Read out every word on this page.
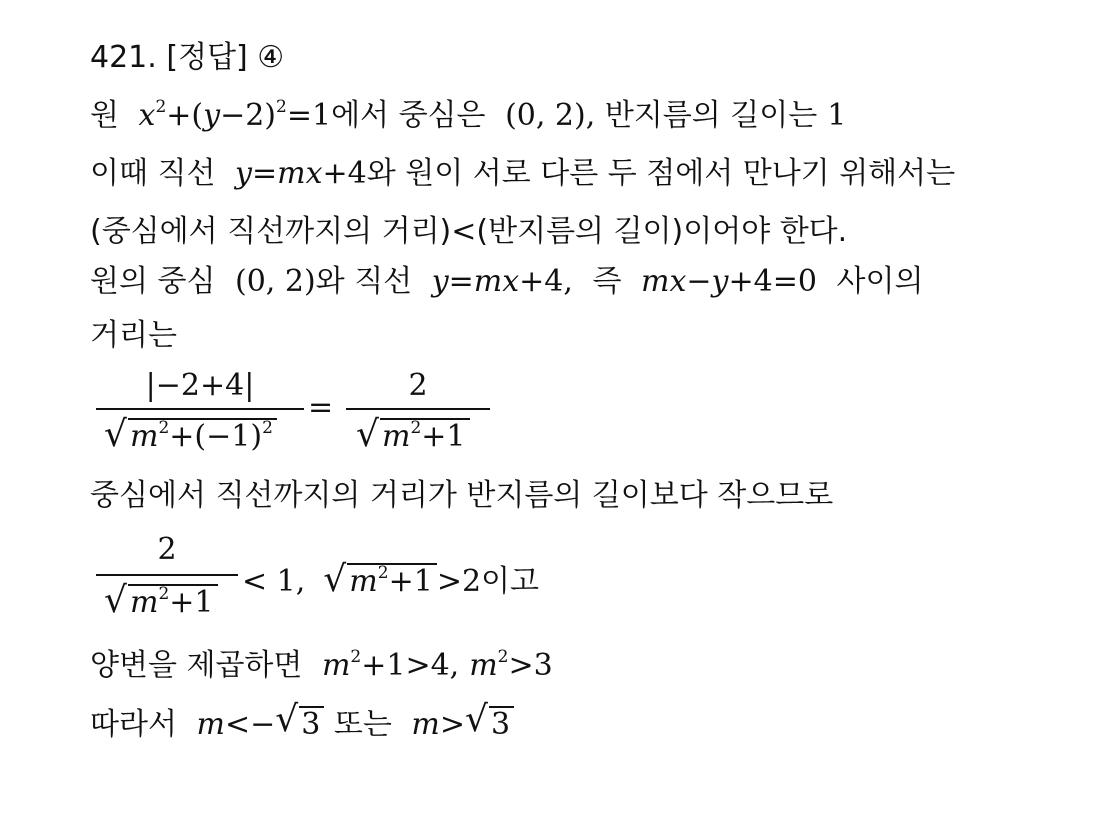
421. [정답] ④
원 $x^2+(y-2)^2=1$에서 중심은 (0, 2), 반지름의 길이는 1
이때 직선 y=mx+4와 원이 서로 다른 두 점에서 만나기 위해서는
(중심에서 직선까지의 거리)<(반지름의 길이)이어야 한다.
원의 중심 (0, 2)와 직선 y=mx+4, 즉 mx−y+4=0 사이의
거리는
|−2+4|
√ $m^2+(-1)^2$
=
2
√ $m^2+1$
중심에서 직선까지의 거리가 반지름의 길이보다 작으므로
2
√ $m^2+1$
< 1, √ $m^2+1 >2$이고
양변을 제곱하면 $m^2+1>4$, $m^2>3$
따라서 m<− √ 3 또는 m> √ 3
